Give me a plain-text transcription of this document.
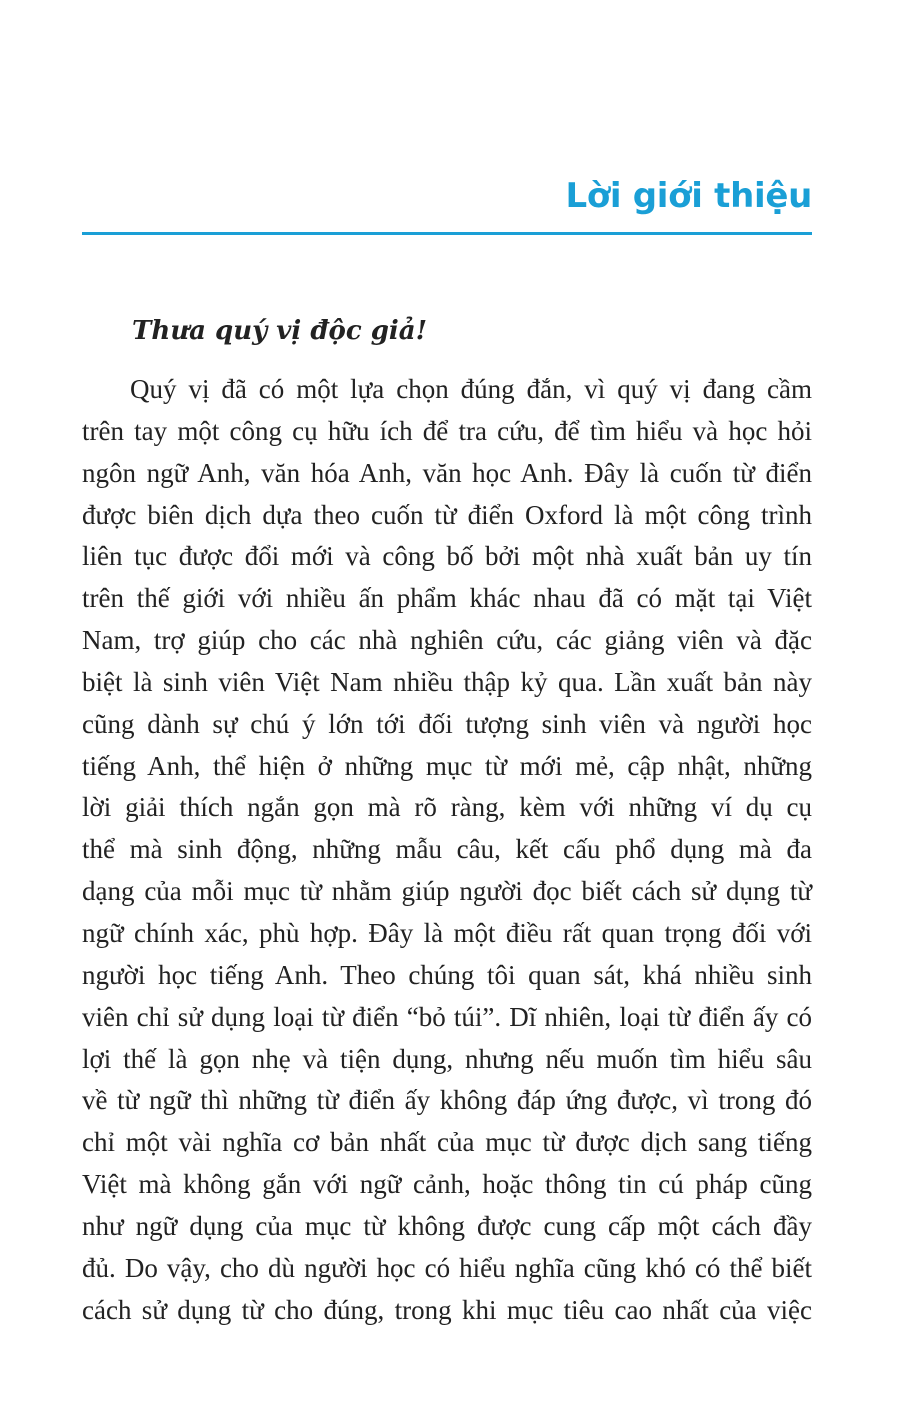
Lời giới thiệu

Thưa quý vị độc giả!

Quý vị đã có một lựa chọn đúng đắn, vì quý vị đang cầm
trên tay một công cụ hữu ích để tra cứu, để tìm hiểu và học hỏi
ngôn ngữ Anh, văn hóa Anh, văn học Anh. Đây là cuốn từ điển
được biên dịch dựa theo cuốn từ điển Oxford là một công trình
liên tục được đổi mới và công bố bởi một nhà xuất bản uy tín
trên thế giới với nhiều ấn phẩm khác nhau đã có mặt tại Việt
Nam, trợ giúp cho các nhà nghiên cứu, các giảng viên và đặc
biệt là sinh viên Việt Nam nhiều thập kỷ qua. Lần xuất bản này
cũng dành sự chú ý lớn tới đối tượng sinh viên và người học
tiếng Anh, thể hiện ở những mục từ mới mẻ, cập nhật, những
lời giải thích ngắn gọn mà rõ ràng, kèm với những ví dụ cụ
thể mà sinh động, những mẫu câu, kết cấu phổ dụng mà đa
dạng của mỗi mục từ nhằm giúp người đọc biết cách sử dụng từ
ngữ chính xác, phù hợp. Đây là một điều rất quan trọng đối với
người học tiếng Anh. Theo chúng tôi quan sát, khá nhiều sinh
viên chỉ sử dụng loại từ điển “bỏ túi”. Dĩ nhiên, loại từ điển ấy có
lợi thế là gọn nhẹ và tiện dụng, nhưng nếu muốn tìm hiểu sâu
về từ ngữ thì những từ điển ấy không đáp ứng được, vì trong đó
chỉ một vài nghĩa cơ bản nhất của mục từ được dịch sang tiếng
Việt mà không gắn với ngữ cảnh, hoặc thông tin cú pháp cũng
như ngữ dụng của mục từ không được cung cấp một cách đầy
đủ. Do vậy, cho dù người học có hiểu nghĩa cũng khó có thể biết
cách sử dụng từ cho đúng, trong khi mục tiêu cao nhất của việc
